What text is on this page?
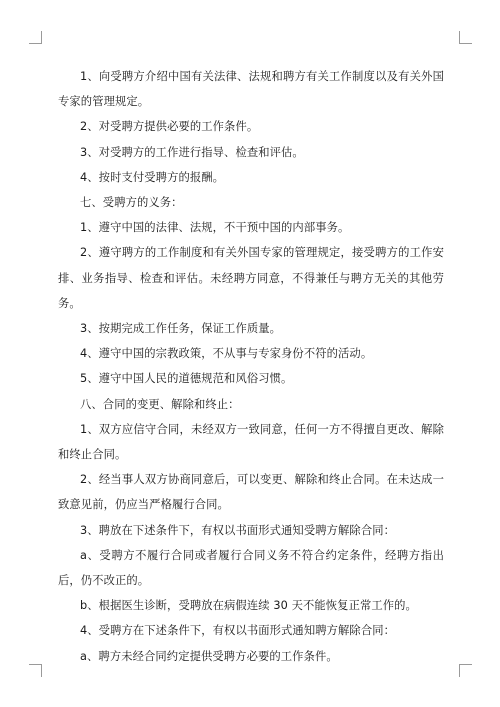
1、向受聘方介绍中国有关法律、法规和聘方有关工作制度以及有关外国专家的管理规定。

2、对受聘方提供必要的工作条件。

3、对受聘方的工作进行指导、检查和评估。

4、按时支付受聘方的报酬。

七、受聘方的义务：

1、遵守中国的法律、法规，不干预中国的内部事务。

2、遵守聘方的工作制度和有关外国专家的管理规定，接受聘方的工作安排、业务指导、检查和评估。未经聘方同意，不得兼任与聘方无关的其他劳务。

3、按期完成工作任务，保证工作质量。

4、遵守中国的宗教政策，不从事与专家身份不符的活动。

5、遵守中国人民的道德规范和风俗习惯。

八、合同的变更、解除和终止：

1、双方应信守合同，未经双方一致同意，任何一方不得擅自更改、解除和终止合同。

2、经当事人双方协商同意后，可以变更、解除和终止合同。在未达成一致意见前，仍应当严格履行合同。

3、聘放在下述条件下，有权以书面形式通知受聘方解除合同：

a、受聘方不履行合同或者履行合同义务不符合约定条件，经聘方指出后，仍不改正的。

b、根据医生诊断，受聘放在病假连续 30 天不能恢复正常工作的。

4、受聘方在下述条件下，有权以书面形式通知聘方解除合同：

a、聘方未经合同约定提供受聘方必要的工作条件。
